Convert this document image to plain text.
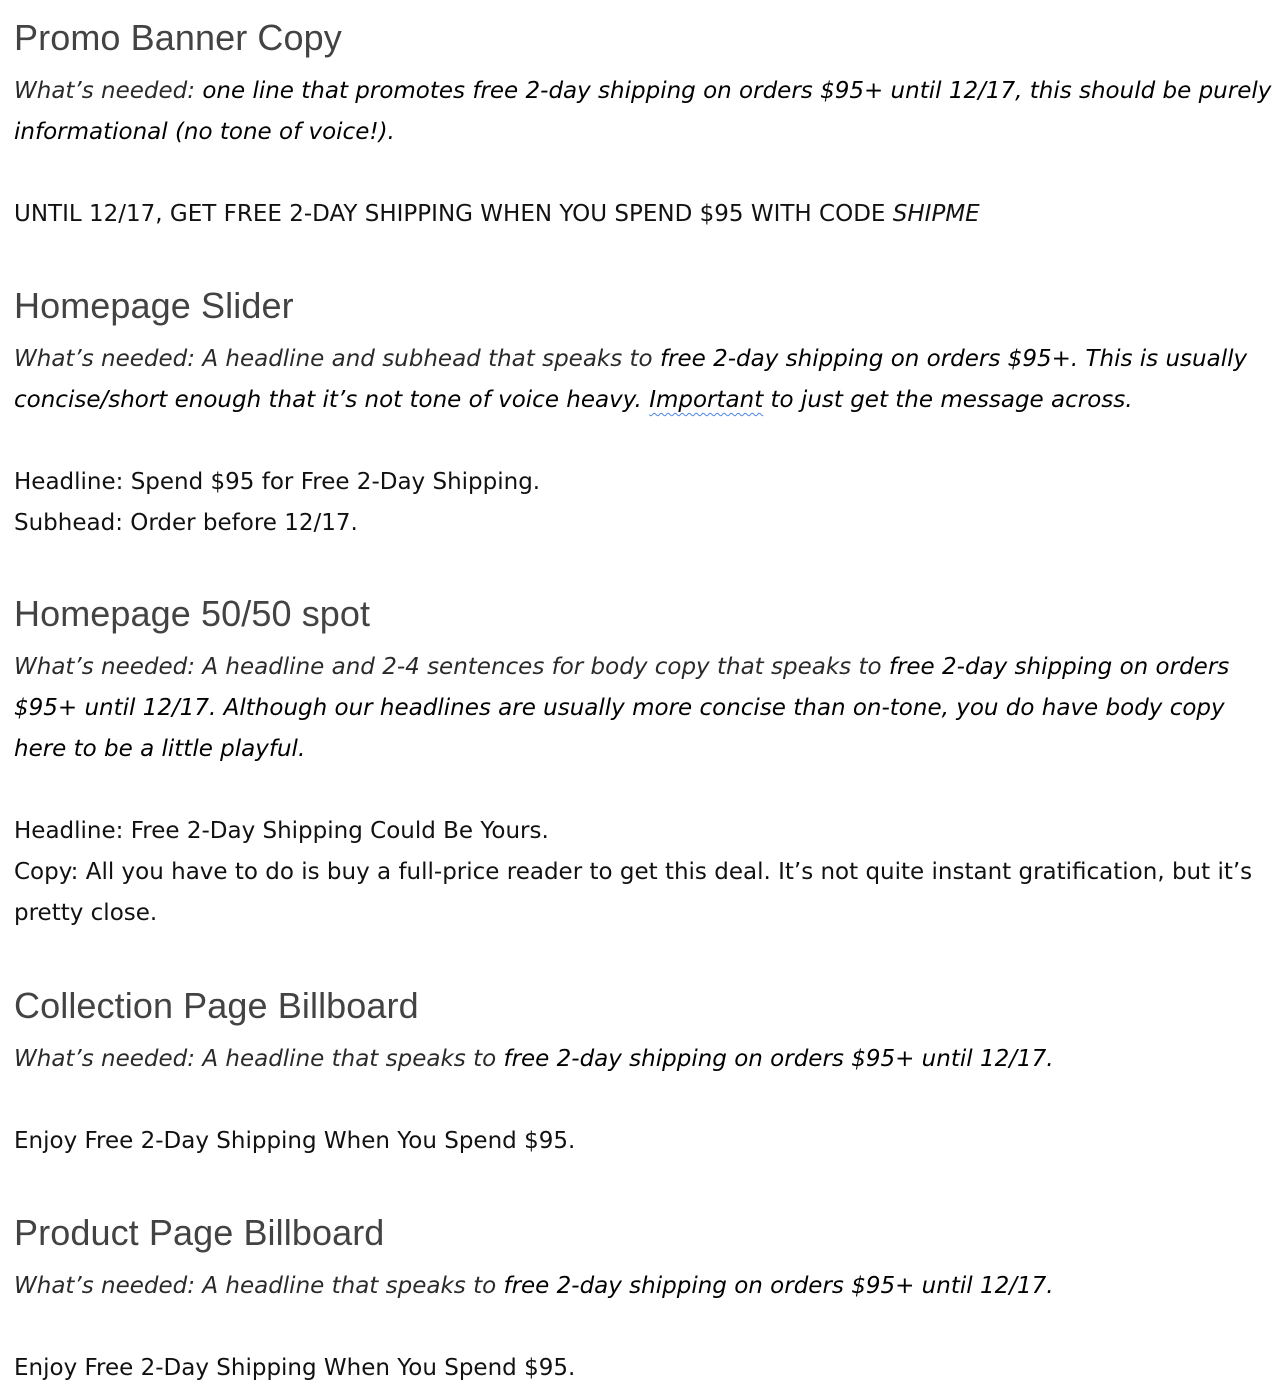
Promo Banner Copy

What’s needed: one line that promotes free 2-day shipping on orders $95+ until 12/17, this should be purely informational (no tone of voice!).

UNTIL 12/17, GET FREE 2-DAY SHIPPING WHEN YOU SPEND $95 WITH CODE SHIPME

Homepage Slider

What’s needed: A headline and subhead that speaks to free 2-day shipping on orders $95+. This is usually concise/short enough that it’s not tone of voice heavy. Important to just get the message across.

Headline: Spend $95 for Free 2-Day Shipping.

Subhead: Order before 12/17.

Homepage 50/50 spot

What’s needed: A headline and 2-4 sentences for body copy that speaks to free 2-day shipping on orders $95+ until 12/17. Although our headlines are usually more concise than on-tone, you do have body copy here to be a little playful.

Headline: Free 2-Day Shipping Could Be Yours.

Copy: All you have to do is buy a full-price reader to get this deal. It’s not quite instant gratification, but it’s pretty close.

Collection Page Billboard

What’s needed: A headline that speaks to free 2-day shipping on orders $95+ until 12/17.

Enjoy Free 2-Day Shipping When You Spend $95.

Product Page Billboard

What’s needed: A headline that speaks to free 2-day shipping on orders $95+ until 12/17.

Enjoy Free 2-Day Shipping When You Spend $95.
